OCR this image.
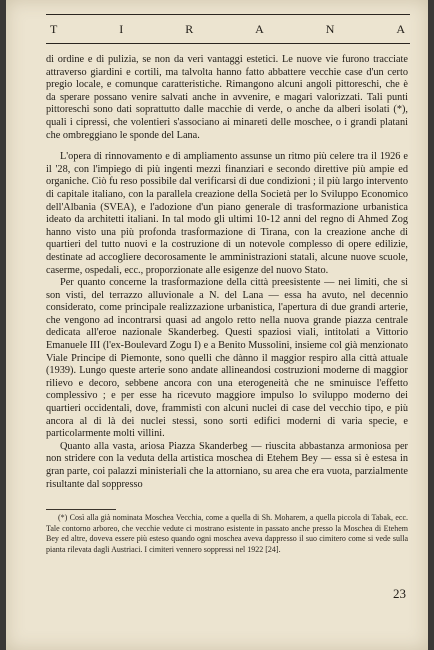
T	I	R	A	N	A

di ordine e di pulizia, se non da veri vantaggi estetici. Le nuove vie furono tracciate attraverso giardini e cortili, ma talvolta hanno fatto abbattere vecchie case d'un certo pregio locale, e comunque caratteristiche. Rimangono alcuni angoli pittoreschi, che è da sperare possano venire salvati anche in avvenire, e magari valorizzati. Tali punti pittoreschi sono dati soprattutto dalle macchie di verde, o anche da alberi isolati (*), quali i cipressi, che volentieri s'associano ai minareti delle moschee, o i grandi platani che ombreggiano le sponde del Lana.

L'opera di rinnovamento e di ampliamento assunse un ritmo più celere tra il 1926 e il '28, con l'impiego di più ingenti mezzi finanziari e secondo direttive più ampie ed organiche. Ciò fu reso possibile dal verificarsi di due condizioni ; il più largo intervento di capitale italiano, con la parallela creazione della Società per lo Sviluppo Economico dell'Albania (SVEA), e l'adozione d'un piano generale di trasformazione urbanistica ideato da architetti italiani. In tal modo gli ultimi 10-12 anni del regno di Ahmed Zog hanno visto una più profonda trasformazione di Tirana, con la creazione anche di quartieri del tutto nuovi e la costruzione di un notevole complesso di opere edilizie, destinate ad accogliere decorosamente le amministrazioni statali, alcune nuove scuole, caserme, ospedali, ecc., proporzionate alle esigenze del nuovo Stato.

Per quanto concerne la trasformazione della città preesistente — nei limiti, che si son visti, del terrazzo alluvionale a N. del Lana — essa ha avuto, nel decennio considerato, come principale realizzazione urbanistica, l'apertura di due grandi arterie, che vengono ad incontrarsi quasi ad angolo retto nella nuova grande piazza centrale dedicata all'eroe nazionale Skanderbeg. Questi spaziosi viali, intitolati a Vittorio Emanuele III (l'ex-Boulevard Zogu I) e a Benito Mussolini, insieme col già menzionato Viale Principe di Piemonte, sono quelli che dànno il maggior respiro alla città attuale (1939). Lungo queste arterie sono andate allineandosi costruzioni moderne di maggior rilievo e decoro, sebbene ancora con una eterogeneità che ne sminuisce l'effetto complessivo ; e per esse ha ricevuto maggiore impulso lo sviluppo moderno dei quartieri occidentali, dove, frammisti con alcuni nuclei di case del vecchio tipo, e più ancora al di là dei nuclei stessi, sono sorti edifici moderni di varia specie, e particolarmente molti villini.

Quanto alla vasta, ariosa Piazza Skanderbeg — riuscita abbastanza armoniosa per non stridere con la veduta della artistica moschea di Etehem Bey — essa si è estesa in gran parte, coi palazzi ministeriali che la attorniano, su area che era vuota, parzialmente risultante dal soppresso

(*) Così alla già nominata Moschea Vecchia, come a quella di Sh. Moharem, a quella piccola di Tabak, ecc. Tale contorno arboreo, che vecchie vedute ci mostrano esistente in passato anche presso la Moschea di Etehem Bey ed altre, doveva essere più esteso quando ogni moschea aveva dappresso il suo cimitero come si vede sulla pianta rilevata dagli Austriaci. I cimiteri vennero soppressi nel 1922 [24].

23
